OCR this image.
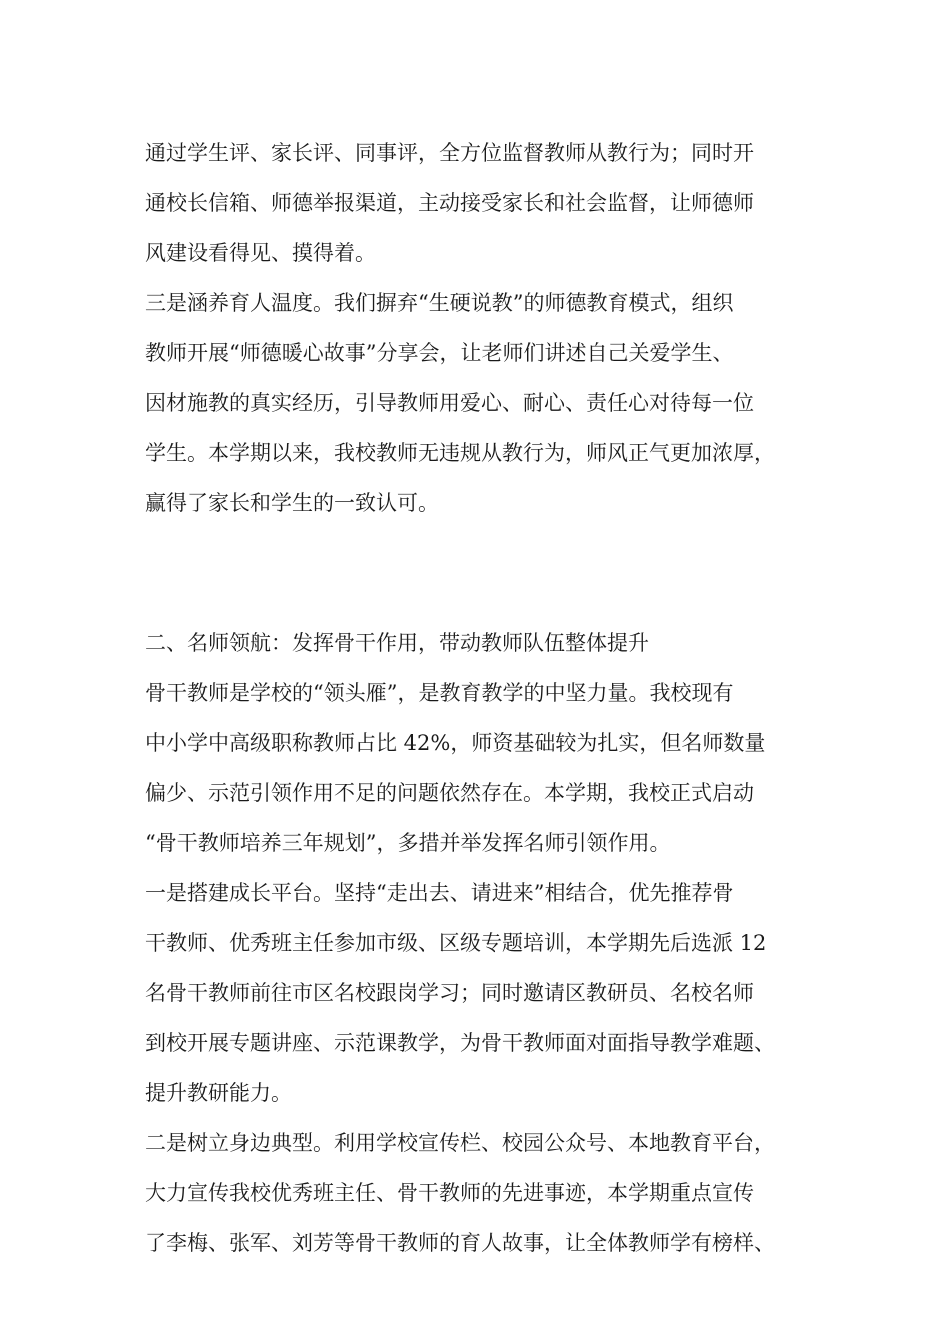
通过学生评、家长评、同事评，全方位监督教师从教行为；同时开
通校长信箱、师德举报渠道，主动接受家长和社会监督，让师德师
风建设看得见、摸得着。
三是涵养育人温度。我们摒弃“生硬说教”的师德教育模式，组织
教师开展“师德暖心故事”分享会，让老师们讲述自己关爱学生、
因材施教的真实经历，引导教师用爱心、耐心、责任心对待每一位
学生。本学期以来，我校教师无违规从教行为，师风正气更加浓厚，
赢得了家长和学生的一致认可。
二、名师领航：发挥骨干作用，带动教师队伍整体提升
骨干教师是学校的“领头雁”，是教育教学的中坚力量。我校现有
中小学中高级职称教师占比 42%，师资基础较为扎实，但名师数量
偏少、示范引领作用不足的问题依然存在。本学期，我校正式启动
“骨干教师培养三年规划”，多措并举发挥名师引领作用。
一是搭建成长平台。坚持“走出去、请进来”相结合，优先推荐骨
干教师、优秀班主任参加市级、区级专题培训，本学期先后选派 12
名骨干教师前往市区名校跟岗学习；同时邀请区教研员、名校名师
到校开展专题讲座、示范课教学，为骨干教师面对面指导教学难题、
提升教研能力。
二是树立身边典型。利用学校宣传栏、校园公众号、本地教育平台，
大力宣传我校优秀班主任、骨干教师的先进事迹，本学期重点宣传
了李梅、张军、刘芳等骨干教师的育人故事，让全体教师学有榜样、
